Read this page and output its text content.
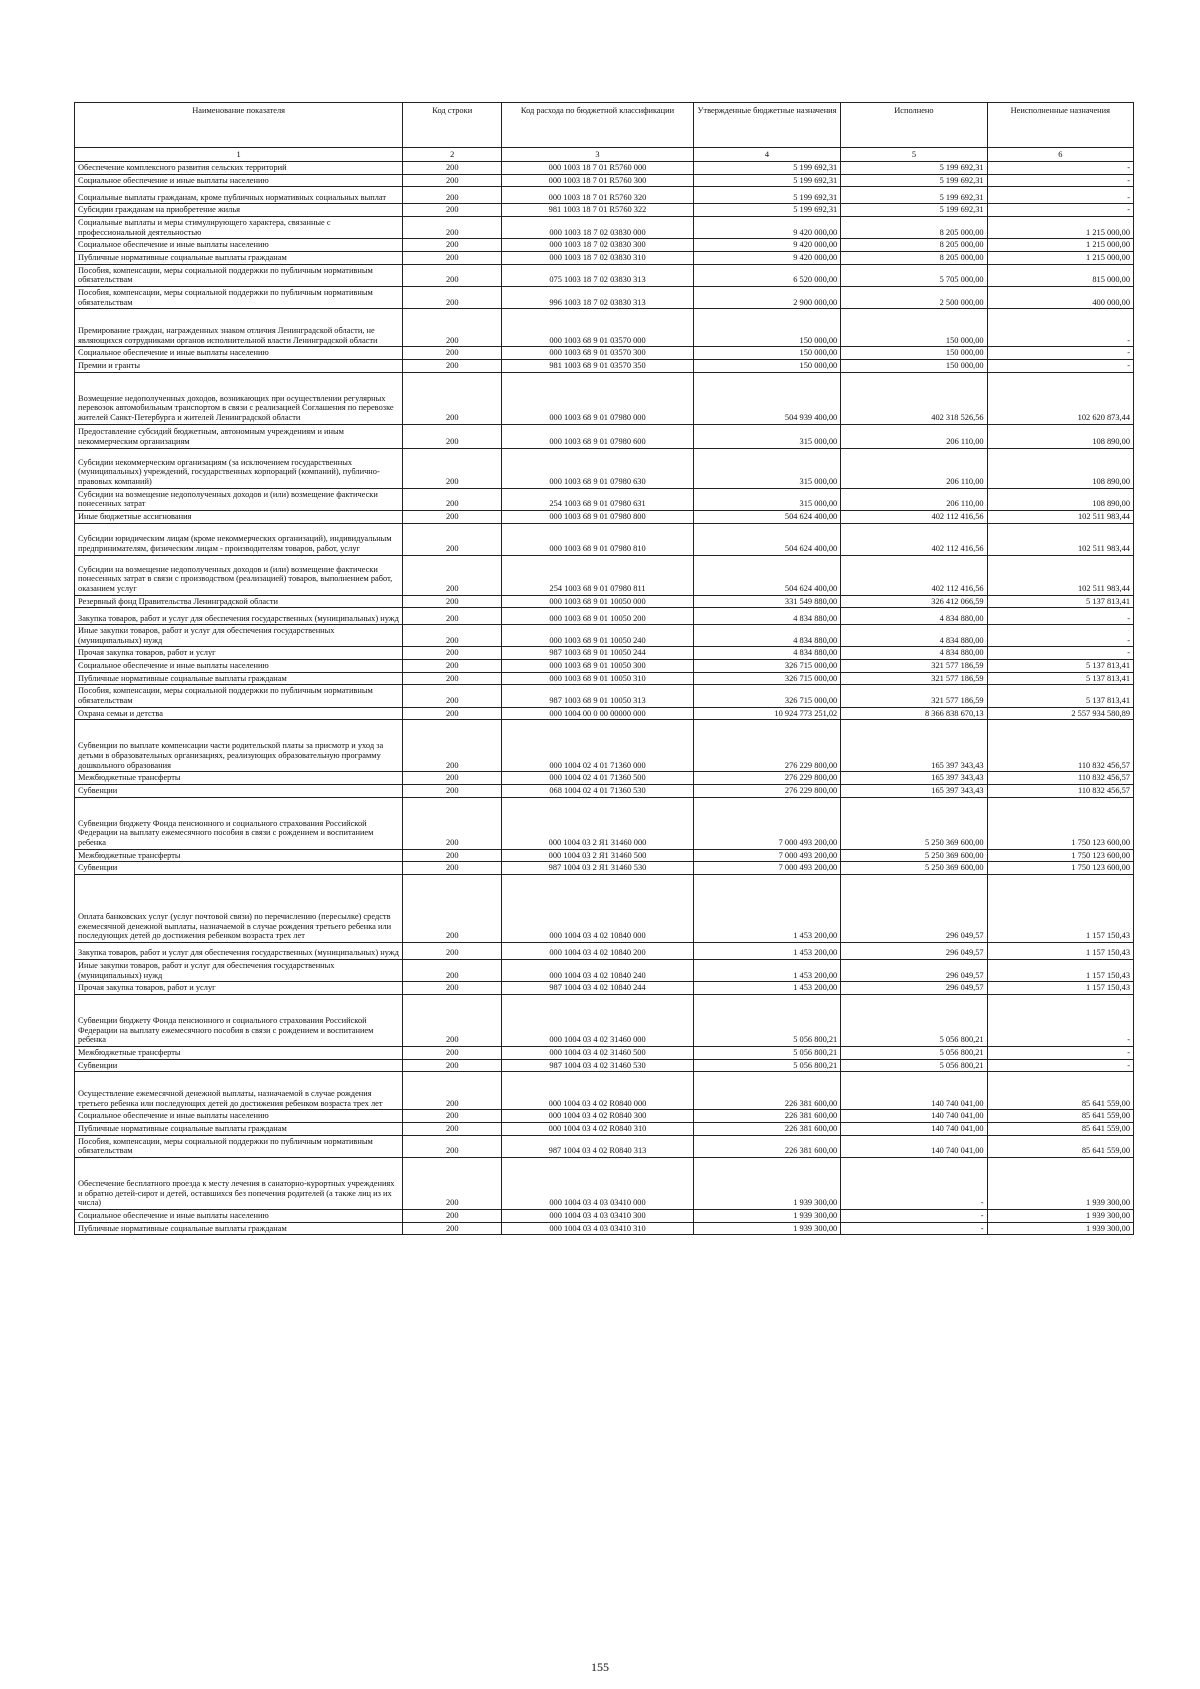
Наименование показателя	Код строки	Код расхода по бюджетной классификации	Утвержденные бюджетные назначения	Исполнено	Неисполненные назначения
1	2	3	4	5	6
Обеспечение комплексного развития сельских территорий	200	000 1003 18 7 01 R5760 000	5 199 692,31	5 199 692,31	-
Социальное обеспечение и иные выплаты населению	200	000 1003 18 7 01 R5760 300	5 199 692,31	5 199 692,31	-
Социальные выплаты гражданам, кроме публичных нормативных социальных выплат	200	000 1003 18 7 01 R5760 320	5 199 692,31	5 199 692,31	-
Субсидии гражданам на приобретение жилья	200	981 1003 18 7 01 R5760 322	5 199 692,31	5 199 692,31	-
Социальные выплаты и меры стимулирующего характера, связанные с профессиональной деятельностью	200	000 1003 18 7 02 03830 000	9 420 000,00	8 205 000,00	1 215 000,00
Социальное обеспечение и иные выплаты населению	200	000 1003 18 7 02 03830 300	9 420 000,00	8 205 000,00	1 215 000,00
Публичные нормативные социальные выплаты гражданам	200	000 1003 18 7 02 03830 310	9 420 000,00	8 205 000,00	1 215 000,00
Пособия, компенсации, меры социальной поддержки по публичным нормативным обязательствам	200	075 1003 18 7 02 03830 313	6 520 000,00	5 705 000,00	815 000,00
Пособия, компенсации, меры социальной поддержки по публичным нормативным обязательствам	200	996 1003 18 7 02 03830 313	2 900 000,00	2 500 000,00	400 000,00
Премирование граждан, награжденных знаком отличия Ленинградской области, не являющихся сотрудниками органов исполнительной власти Ленинградской области	200	000 1003 68 9 01 03570 000	150 000,00	150 000,00	-
Социальное обеспечение и иные выплаты населению	200	000 1003 68 9 01 03570 300	150 000,00	150 000,00	-
Премии и гранты	200	981 1003 68 9 01 03570 350	150 000,00	150 000,00	-
Возмещение недополученных доходов, возникающих при осуществлении регулярных перевозок автомобильным транспортом в связи с реализацией Соглашения по перевозке жителей Санкт-Петербурга и жителей Ленинградской области	200	000 1003 68 9 01 07980 000	504 939 400,00	402 318 526,56	102 620 873,44
Предоставление субсидий бюджетным, автономным учреждениям и иным некоммерческим организациям	200	000 1003 68 9 01 07980 600	315 000,00	206 110,00	108 890,00
Субсидии некоммерческим организациям (за исключением государственных (муниципальных) учреждений, государственных корпораций (компаний), публично-правовых компаний)	200	000 1003 68 9 01 07980 630	315 000,00	206 110,00	108 890,00
Субсидии на возмещение недополученных доходов и (или) возмещение фактически понесенных затрат	200	254 1003 68 9 01 07980 631	315 000,00	206 110,00	108 890,00
Иные бюджетные ассигнования	200	000 1003 68 9 01 07980 800	504 624 400,00	402 112 416,56	102 511 983,44
Субсидии юридическим лицам (кроме некоммерческих организаций), индивидуальным предпринимателям, физическим лицам - производителям товаров, работ, услуг	200	000 1003 68 9 01 07980 810	504 624 400,00	402 112 416,56	102 511 983,44
Субсидии на возмещение недополученных доходов и (или) возмещение фактически понесенных затрат в связи с производством (реализацией) товаров, выполнением работ, оказанием услуг	200	254 1003 68 9 01 07980 811	504 624 400,00	402 112 416,56	102 511 983,44
Резервный фонд Правительства Ленинградской области	200	000 1003 68 9 01 10050 000	331 549 880,00	326 412 066,59	5 137 813,41
Закупка товаров, работ и услуг для обеспечения государственных (муниципальных) нужд	200	000 1003 68 9 01 10050 200	4 834 880,00	4 834 880,00	-
Иные закупки товаров, работ и услуг для обеспечения государственных (муниципальных) нужд	200	000 1003 68 9 01 10050 240	4 834 880,00	4 834 880,00	-
Прочая закупка товаров, работ и услуг	200	987 1003 68 9 01 10050 244	4 834 880,00	4 834 880,00	-
Социальное обеспечение и иные выплаты населению	200	000 1003 68 9 01 10050 300	326 715 000,00	321 577 186,59	5 137 813,41
Публичные нормативные социальные выплаты гражданам	200	000 1003 68 9 01 10050 310	326 715 000,00	321 577 186,59	5 137 813,41
Пособия, компенсации, меры социальной поддержки по публичным нормативным обязательствам	200	987 1003 68 9 01 10050 313	326 715 000,00	321 577 186,59	5 137 813,41
Охрана семьи и детства	200	000 1004 00 0 00 00000 000	10 924 773 251,02	8 366 838 670,13	2 557 934 580,89
Субвенции по выплате компенсации части родительской платы за присмотр и уход за детьми в образовательных организациях, реализующих образовательную программу дошкольного образования	200	000 1004 02 4 01 71360 000	276 229 800,00	165 397 343,43	110 832 456,57
Межбюджетные трансферты	200	000 1004 02 4 01 71360 500	276 229 800,00	165 397 343,43	110 832 456,57
Субвенции	200	068 1004 02 4 01 71360 530	276 229 800,00	165 397 343,43	110 832 456,57
Субвенции бюджету Фонда пенсионного и социального страхования Российской Федерации на выплату ежемесячного пособия в связи с рождением и воспитанием ребенка	200	000 1004 03 2 Я1 31460 000	7 000 493 200,00	5 250 369 600,00	1 750 123 600,00
Межбюджетные трансферты	200	000 1004 03 2 Я1 31460 500	7 000 493 200,00	5 250 369 600,00	1 750 123 600,00
Субвенции	200	987 1004 03 2 Я1 31460 530	7 000 493 200,00	5 250 369 600,00	1 750 123 600,00
Оплата банковских услуг (услуг почтовой связи) по перечислению (пересылке) средств ежемесячной денежной выплаты, назначаемой в случае рождения третьего ребенка или последующих детей до достижения ребенком возраста трех лет	200	000 1004 03 4 02 10840 000	1 453 200,00	296 049,57	1 157 150,43
Закупка товаров, работ и услуг для обеспечения государственных (муниципальных) нужд	200	000 1004 03 4 02 10840 200	1 453 200,00	296 049,57	1 157 150,43
Иные закупки товаров, работ и услуг для обеспечения государственных (муниципальных) нужд	200	000 1004 03 4 02 10840 240	1 453 200,00	296 049,57	1 157 150,43
Прочая закупка товаров, работ и услуг	200	987 1004 03 4 02 10840 244	1 453 200,00	296 049,57	1 157 150,43
Субвенции бюджету Фонда пенсионного и социального страхования Российской Федерации на выплату ежемесячного пособия в связи с рождением и воспитанием ребенка	200	000 1004 03 4 02 31460 000	5 056 800,21	5 056 800,21	-
Межбюджетные трансферты	200	000 1004 03 4 02 31460 500	5 056 800,21	5 056 800,21	-
Субвенции	200	987 1004 03 4 02 31460 530	5 056 800,21	5 056 800,21	-
Осуществление ежемесячной денежной выплаты, назначаемой в случае рождения третьего ребенка или последующих детей до достижения ребенком возраста трех лет	200	000 1004 03 4 02 R0840 000	226 381 600,00	140 740 041,00	85 641 559,00
Социальное обеспечение и иные выплаты населению	200	000 1004 03 4 02 R0840 300	226 381 600,00	140 740 041,00	85 641 559,00
Публичные нормативные социальные выплаты гражданам	200	000 1004 03 4 02 R0840 310	226 381 600,00	140 740 041,00	85 641 559,00
Пособия, компенсации, меры социальной поддержки по публичным нормативным обязательствам	200	987 1004 03 4 02 R0840 313	226 381 600,00	140 740 041,00	85 641 559,00
Обеспечение бесплатного проезда к месту лечения в санаторно-курортных учреждениях и обратно детей-сирот и детей, оставшихся без попечения родителей (а также лиц из их числа)	200	000 1004 03 4 03 03410 000	1 939 300,00	-	1 939 300,00
Социальное обеспечение и иные выплаты населению	200	000 1004 03 4 03 03410 300	1 939 300,00	-	1 939 300,00
Публичные нормативные социальные выплаты гражданам	200	000 1004 03 4 03 03410 310	1 939 300,00	-	1 939 300,00
155
